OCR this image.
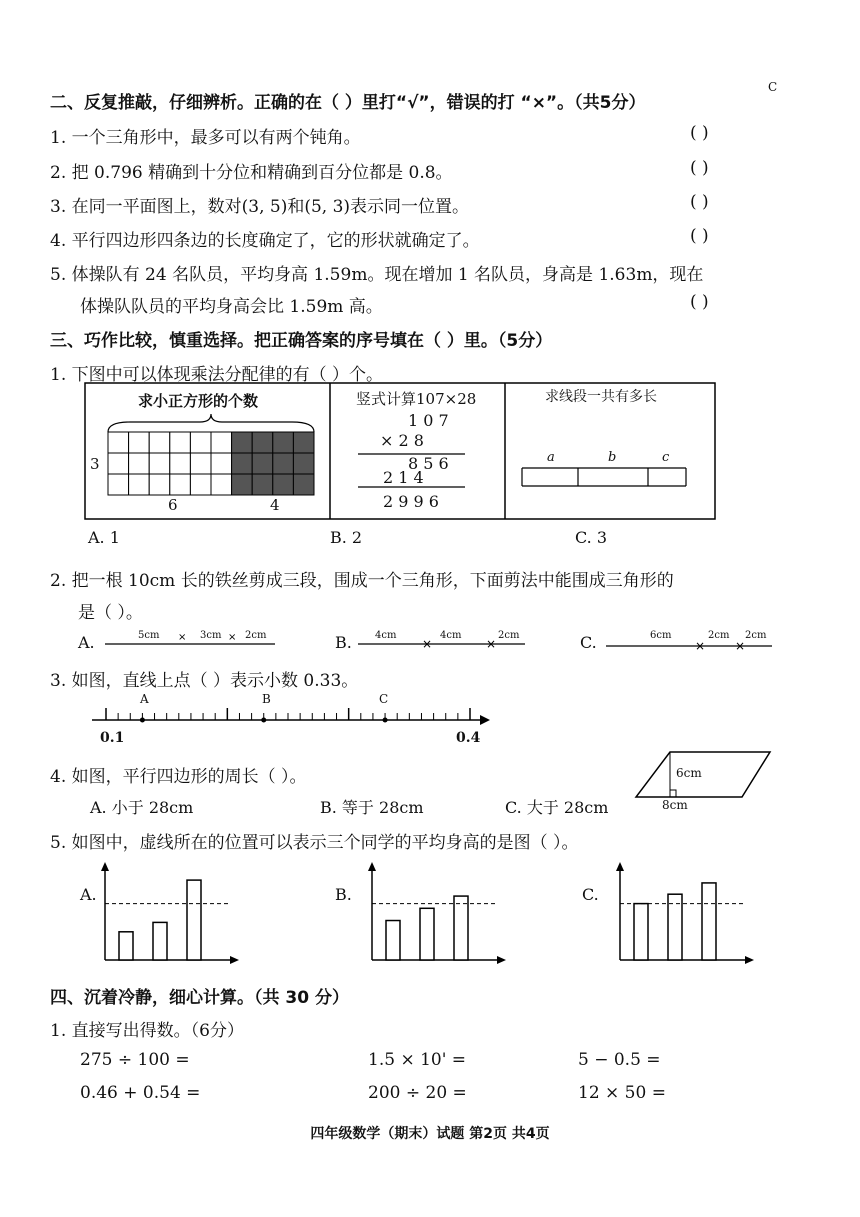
二、反复推敲，仔细辨析。正确的在（ ）里打“√”，错误的打 “×”。（共5分）
C
1. 一个三角形中，最多可以有两个钝角。	( )
2. 把 0.796 精确到十分位和精确到百分位都是 0.8。	( )
3. 在同一平面图上，数对(3, 5)和(5, 3)表示同一位置。	( )
4. 平行四边形四条边的长度确定了，它的形状就确定了。	( )
5. 体操队有 24 名队员，平均身高 1.59m。现在增加 1 名队员，身高是 1.63m，现在
体操队队员的平均身高会比 1.59m 高。	( )
三、巧作比较，慎重选择。把正确答案的序号填在（ ）里。（5分）
1. 下图中可以体现乘法分配律的有（ ）个。
求小正方形的个数
3
6	4
竖式计算107×28
1 0 7
× 2 8
8 5 6
2 1 4
2 9 9 6
求线段一共有多长
a	b	c
A. 1	B. 2	C. 3
2. 把一根 10cm 长的铁丝剪成三段，围成一个三角形，下面剪法中能围成三角形的
是（ ）。
A.	B.	C.
×	×	×	×	× ×
5cm	3cm 2cm	4cm	4cm	2cm	6cm	2cm 2cm
3. 如图，直线上点（ ）表示小数 0.33。
0.1	0.4
A	B	C
4. 如图，平行四边形的周长（ ）。
A. 小于 28cm	B. 等于 28cm	C. 大于 28cm
6cm
8cm
5. 如图中，虚线所在的位置可以表示三个同学的平均身高的是图（ ）。
A.	B.	C.
四、沉着冷静，细心计算。（共 30 分）
1. 直接写出得数。（6分）
275 ÷ 100 =	1.5 × 10' =	5 − 0.5 =
0.46 + 0.54 =	200 ÷ 20 =	12 × 50 =
四年级数学（期末）试题 第2页 共4页
